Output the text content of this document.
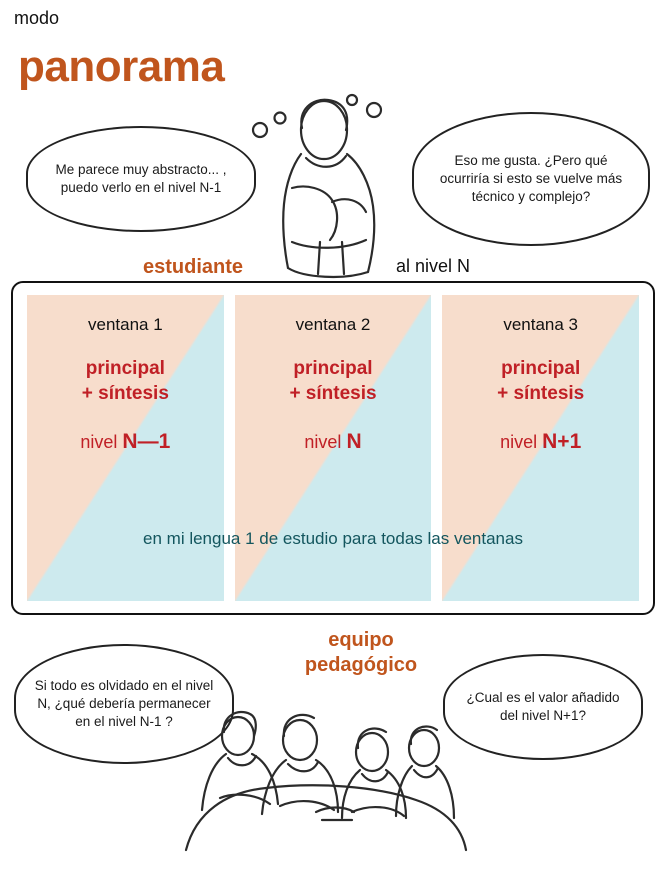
modo
panorama
Me parece muy abstracto... , puedo verlo en el nivel N-1
Eso me gusta. ¿Pero qué ocurriría si esto se vuelve más técnico y complejo?
estudiante	al nivel N
ventana 1
principal
+ síntesis
nivel N—1
ventana 2
principal
+ síntesis
nivel N
ventana 3
principal
+ síntesis
nivel N+1
en mi lengua 1 de estudio para todas las ventanas
equipo
pedagógico
Si todo es olvidado en el nivel N, ¿qué debería permanecer en el nivel N-1 ?
¿Cual es el valor añadido del nivel N+1?
